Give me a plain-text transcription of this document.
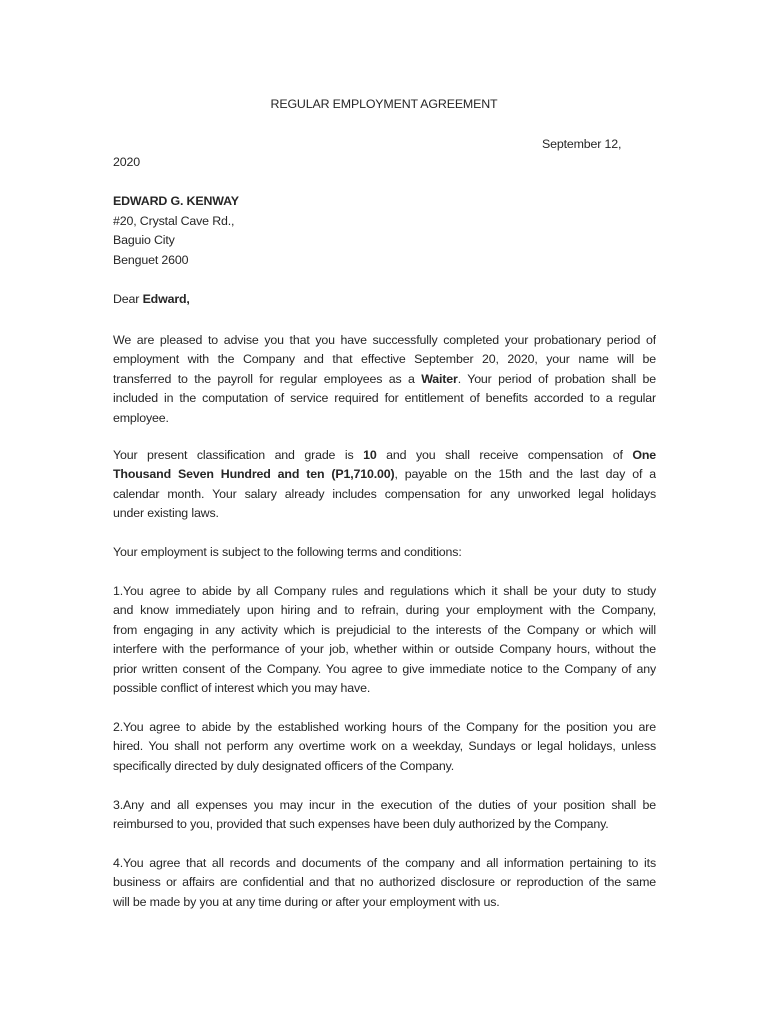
REGULAR EMPLOYMENT AGREEMENT
September 12,
2020
EDWARD G. KENWAY
#20, Crystal Cave Rd.,
Baguio City
Benguet 2600
Dear Edward,
We are pleased to advise you that you have successfully completed your probationary period of
employment with the Company and that effective September 20, 2020, your name will be
transferred to the payroll for regular employees as a Waiter. Your period of probation shall be
included in the computation of service required for entitlement of benefits accorded to a regular
employee.
Your present classification and grade is 10 and you shall receive compensation of One
Thousand Seven Hundred and ten (P1,710.00), payable on the 15th and the last day of a
calendar month. Your salary already includes compensation for any unworked legal holidays
under existing laws.
Your employment is subject to the following terms and conditions:
1.You agree to abide by all Company rules and regulations which it shall be your duty to study
and know immediately upon hiring and to refrain, during your employment with the Company,
from engaging in any activity which is prejudicial to the interests of the Company or which will
interfere with the performance of your job, whether within or outside Company hours, without the
prior written consent of the Company. You agree to give immediate notice to the Company of any
possible conflict of interest which you may have.
2.You agree to abide by the established working hours of the Company for the position you are
hired. You shall not perform any overtime work on a weekday, Sundays or legal holidays, unless
specifically directed by duly designated officers of the Company.
3.Any and all expenses you may incur in the execution of the duties of your position shall be
reimbursed to you, provided that such expenses have been duly authorized by the Company.
4.You agree that all records and documents of the company and all information pertaining to its
business or affairs are confidential and that no authorized disclosure or reproduction of the same
will be made by you at any time during or after your employment with us.
